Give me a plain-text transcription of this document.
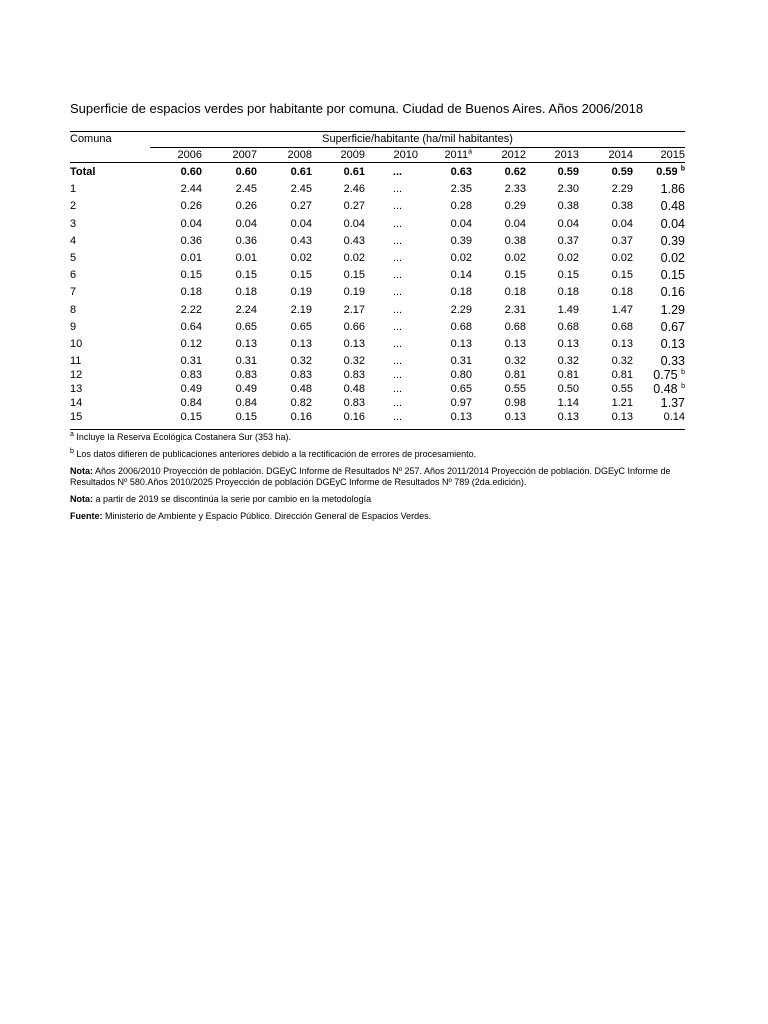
Superficie de espacios verdes por habitante por comuna. Ciudad de Buenos Aires. Años 2006/2018
Comuna	Superficie/habitante (ha/mil habitantes)
	2006	2007	2008	2009	2010	2011$^a$	2012	2013	2014	2015
Total	0.60	0.60	0.61	0.61	...	0.63	0.62	0.59	0.59	0.59 $^b$
1	2.44	2.45	2.45	2.46	...	2.35	2.33	2.30	2.29	1.86
2	0.26	0.26	0.27	0.27	...	0.28	0.29	0.38	0.38	0.48
3	0.04	0.04	0.04	0.04	...	0.04	0.04	0.04	0.04	0.04
4	0.36	0.36	0.43	0.43	...	0.39	0.38	0.37	0.37	0.39
5	0.01	0.01	0.02	0.02	...	0.02	0.02	0.02	0.02	0.02
6	0.15	0.15	0.15	0.15	...	0.14	0.15	0.15	0.15	0.15
7	0.18	0.18	0.19	0.19	...	0.18	0.18	0.18	0.18	0.16
8	2.22	2.24	2.19	2.17	...	2.29	2.31	1.49	1.47	1.29
9	0.64	0.65	0.65	0.66	...	0.68	0.68	0.68	0.68	0.67
10	0.12	0.13	0.13	0.13	...	0.13	0.13	0.13	0.13	0.13
11	0.31	0.31	0.32	0.32	...	0.31	0.32	0.32	0.32	0.33
12	0.83	0.83	0.83	0.83	...	0.80	0.81	0.81	0.81	0.75 $^b$
13	0.49	0.49	0.48	0.48	...	0.65	0.55	0.50	0.55	0.48 $^b$
14	0.84	0.84	0.82	0.83	...	0.97	0.98	1.14	1.21	1.37
15	0.15	0.15	0.16	0.16	...	0.13	0.13	0.13	0.13	0.14

$^a$ Incluye la Reserva Ecológica Costanera Sur (353 ha).

$^b$ Los datos difieren de publicaciones anteriores debido a la rectificación de errores de procesamiento.

Nota: Años 2006/2010 Proyección de población. DGEyC Informe de Resultados Nº 257. Años 2011/2014 Proyección de población. DGEyC Informe de Resultados Nº 580.Años 2010/2025 Proyección de población DGEyC Informe de Resultados Nº 789 (2da.edición).

Nota: a partir de 2019 se discontinúa la serie por cambio en la metodología

Fuente: Ministerio de Ambiente y Espacio Público. Dirección General de Espacios Verdes.
